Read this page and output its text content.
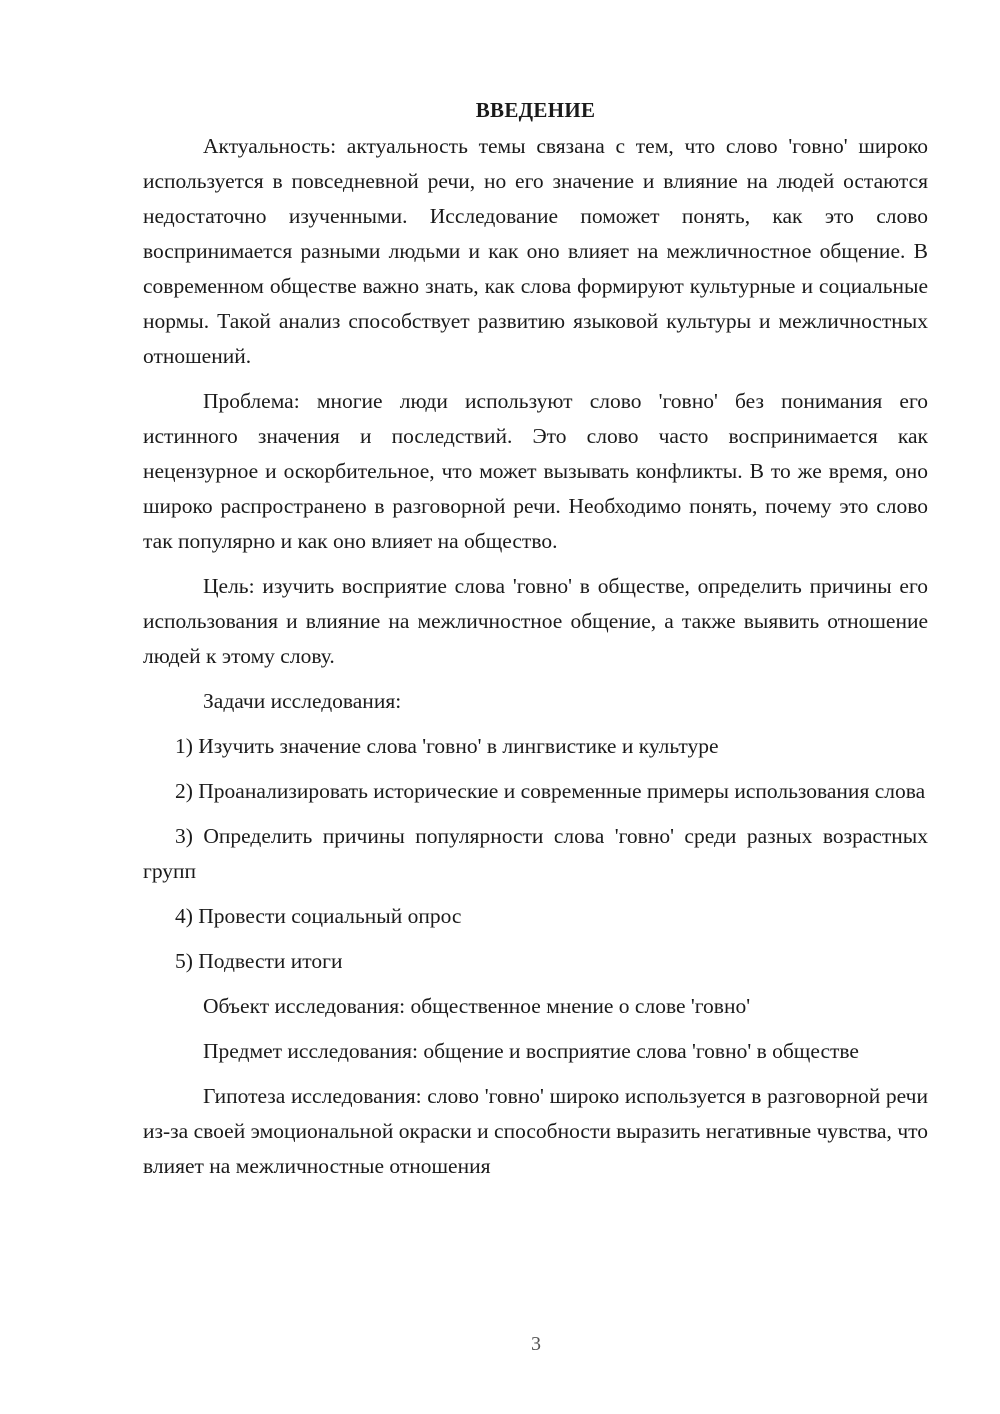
ВВЕДЕНИЕ

Актуальность: актуальность темы связана с тем, что слово 'говно' широко используется в повседневной речи, но его значение и влияние на людей остаются недостаточно изученными. Исследование поможет понять, как это слово воспринимается разными людьми и как оно влияет на межличностное общение. В современном обществе важно знать, как слова формируют культурные и социальные нормы. Такой анализ способствует развитию языковой культуры и межличностных отношений.

Проблема: многие люди используют слово 'говно' без понимания его истинного значения и последствий. Это слово часто воспринимается как нецензурное и оскорбительное, что может вызывать конфликты. В то же время, оно широко распространено в разговорной речи. Необходимо понять, почему это слово так популярно и как оно влияет на общество.

Цель: изучить восприятие слова 'говно' в обществе, определить причины его использования и влияние на межличностное общение, а также выявить отношение людей к этому слову.

Задачи исследования:

1) Изучить значение слова 'говно' в лингвистике и культуре

2) Проанализировать исторические и современные примеры использования слова

3) Определить причины популярности слова 'говно' среди разных возрастных групп

4) Провести социальный опрос

5) Подвести итоги

Объект исследования: общественное мнение о слове 'говно'

Предмет исследования: общение и восприятие слова 'говно' в обществе

Гипотеза исследования: слово 'говно' широко используется в разговорной речи из-за своей эмоциональной окраски и способности выразить негативные чувства, что влияет на межличностные отношения

3
